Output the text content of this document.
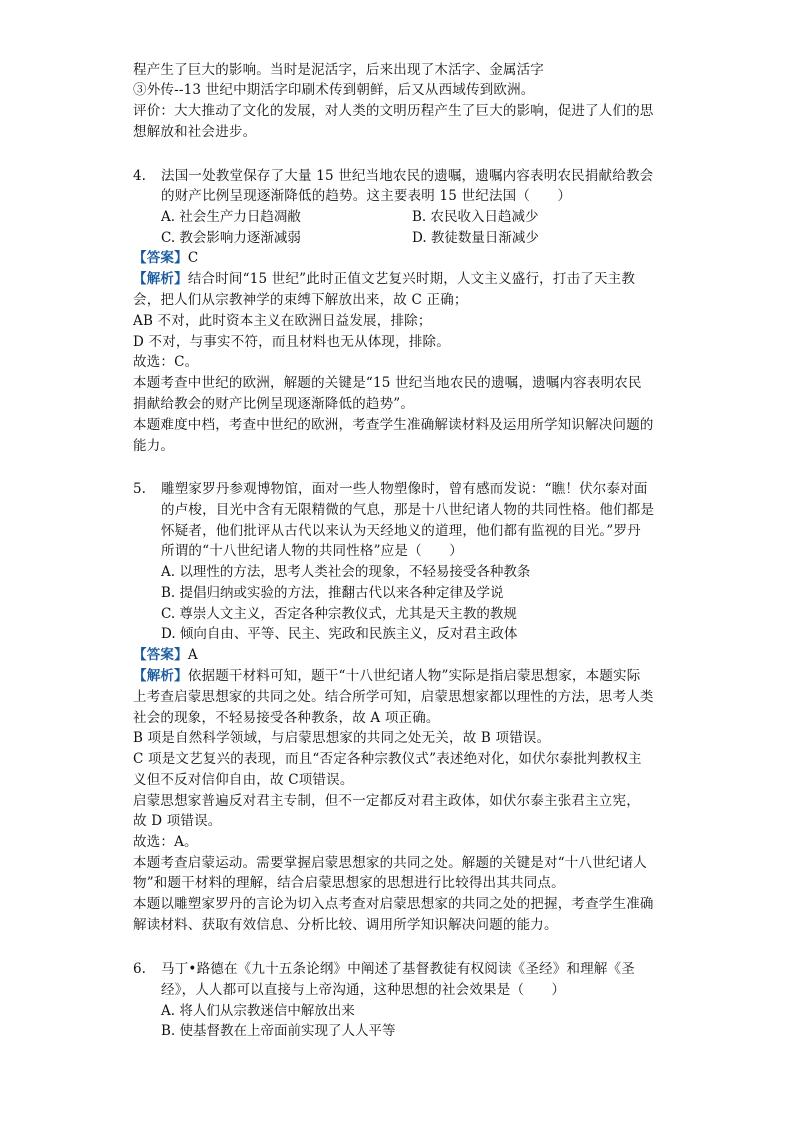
程产生了巨大的影响。当时是泥活字，后来出现了木活字、金属活字
③外传--13 世纪中期活字印刷术传到朝鲜，后又从西域传到欧洲。
评价：大大推动了文化的发展，对人类的文明历程产生了巨大的影响，促进了人们的思
想解放和社会进步。
4. 法国一处教堂保存了大量 15 世纪当地农民的遗嘱，遗嘱内容表明农民捐献给教会
的财产比例呈现逐渐降低的趋势。这主要表明 15 世纪法国（　　）
A. 社会生产力日趋凋敝	B. 农民收入日趋减少
C. 教会影响力逐渐减弱	D. 教徒数量日渐减少
【答案】C
【解析】结合时间“15 世纪”此时正值文艺复兴时期，人文主义盛行，打击了天主教
会，把人们从宗教神学的束缚下解放出来，故 C 正确；
AB 不对，此时资本主义在欧洲日益发展，排除；
D 不对，与事实不符，而且材料也无从体现，排除。
故选：C。
本题考查中世纪的欧洲，解题的关键是“15 世纪当地农民的遗嘱，遗嘱内容表明农民
捐献给教会的财产比例呈现逐渐降低的趋势”。
本题难度中档，考查中世纪的欧洲，考查学生准确解读材料及运用所学知识解决问题的
能力。
5. 雕塑家罗丹参观博物馆，面对一些人物塑像时，曾有感而发说：“瞧！伏尔泰对面
的卢梭，目光中含有无限精微的气息，那是十八世纪诸人物的共同性格。他们都是
怀疑者，他们批评从古代以来认为天经地义的道理，他们都有监视的目光。”罗丹
所谓的“十八世纪诸人物的共同性格”应是（　　）
A. 以理性的方法，思考人类社会的现象，不轻易接受各种教条
B. 提倡归纳或实验的方法，推翻古代以来各种定律及学说
C. 尊崇人文主义，否定各种宗教仪式，尤其是天主教的教规
D. 倾向自由、平等、民主、宪政和民族主义，反对君主政体
【答案】A
【解析】依据题干材料可知，题干“十八世纪诸人物”实际是指启蒙思想家，本题实际
上考查启蒙思想家的共同之处。结合所学可知，启蒙思想家都以理性的方法，思考人类
社会的现象，不轻易接受各种教条，故 A 项正确。
B 项是自然科学领域，与启蒙思想家的共同之处无关，故 B 项错误。
C 项是文艺复兴的表现，而且“否定各种宗教仪式”表述绝对化，如伏尔泰批判教权主
义但不反对信仰自由，故 C项错误。
启蒙思想家普遍反对君主专制，但不一定都反对君主政体，如伏尔泰主张君主立宪，
故 D 项错误。
故选：A。
本题考查启蒙运动。需要掌握启蒙思想家的共同之处。解题的关键是对“十八世纪诸人
物”和题干材料的理解，结合启蒙思想家的思想进行比较得出其共同点。
本题以雕塑家罗丹的言论为切入点考查对启蒙思想家的共同之处的把握，考查学生准确
解读材料、获取有效信息、分析比较、调用所学知识解决问题的能力。
6. 马丁•路德在《九十五条论纲》中阐述了基督教徒有权阅读《圣经》和理解《圣
经》，人人都可以直接与上帝沟通，这种思想的社会效果是（　　）
A. 将人们从宗教迷信中解放出来
B. 使基督教在上帝面前实现了人人平等
